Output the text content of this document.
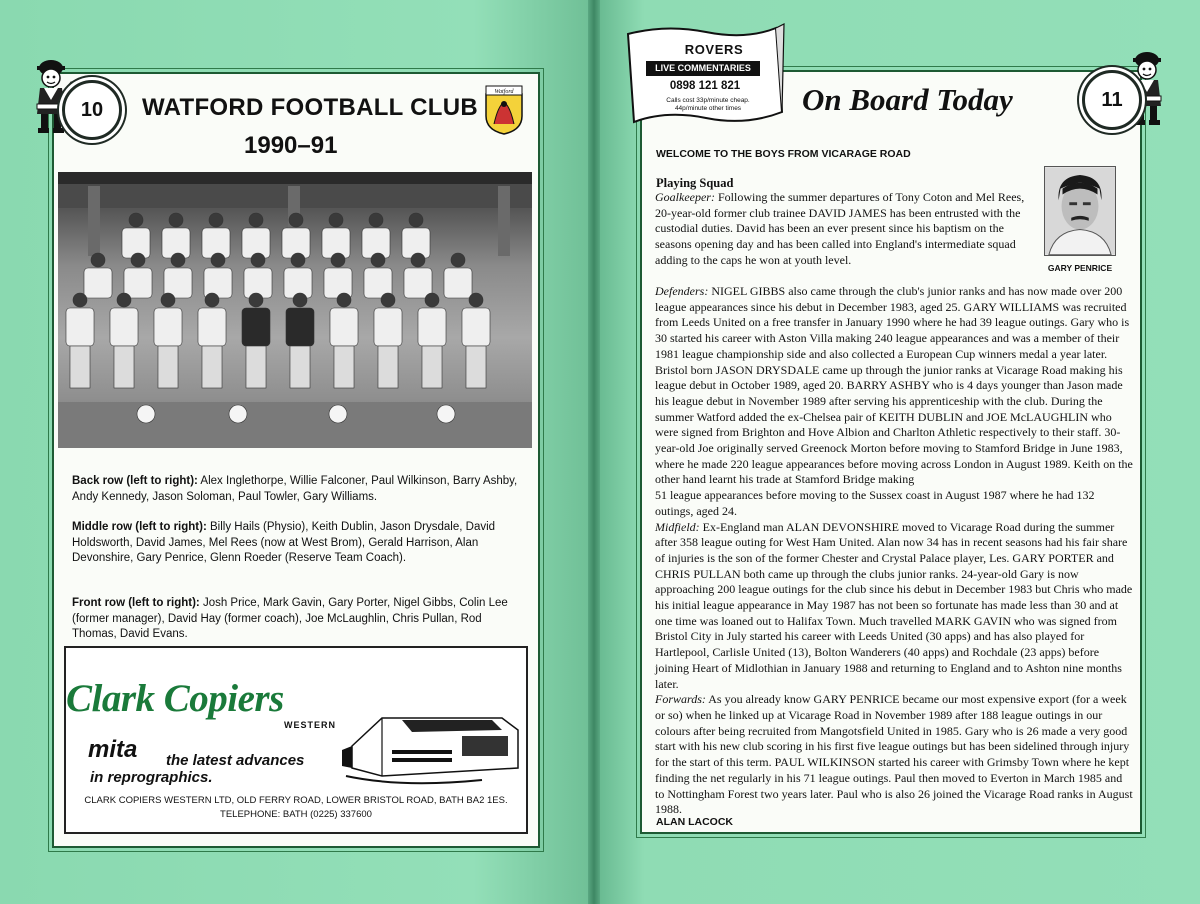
10	WATFORD FOOTBALL CLUB
1990–91
Watford
Back row (left to right): Alex Inglethorpe, Willie Falconer, Paul Wilkinson, Barry Ashby, Andy Kennedy, Jason Soloman, Paul Towler, Gary Williams.
Middle row (left to right): Billy Hails (Physio), Keith Dublin, Jason Drysdale, David Holdsworth, David James, Mel Rees (now at West Brom), Gerald Harrison, Alan Devonshire, Gary Penrice, Glenn Roeder (Reserve Team Coach).
Front row (left to right): Josh Price, Mark Gavin, Gary Porter, Nigel Gibbs, Colin Lee (former manager), David Hay (former coach), Joe McLaughlin, Chris Pullan, Rod Thomas, David Evans.
Clark Copiers
WESTERN
mita the latest advances
in reprographics.
CLARK COPIERS WESTERN LTD, OLD FERRY ROAD, LOWER BRISTOL ROAD, BATH BA2 1ES.
TELEPHONE: BATH (0225) 337600
ROVERS
LIVE COMMENTARIES
0898 121 821
Calls cost 33p/minute cheap.
44p/minute other times	On Board Today	11
WELCOME TO THE BOYS FROM VICARAGE ROAD
Playing Squad
Goalkeeper: Following the summer departures of Tony Coton and Mel Rees, 20-year-old former club trainee DAVID JAMES has been entrusted with the custodial duties. David has been an ever present since his baptism on the seasons opening day and has been called into England's intermediate squad adding to the caps he won at youth level.
GARY PENRICE

Defenders: NIGEL GIBBS also came through the club's junior ranks and has now made over 200 league appearances since his debut in December 1983, aged 25. GARY WILLIAMS was recruited from Leeds United on a free transfer in January 1990 where he had 39 league outings. Gary who is 30 started his career with Aston Villa making 240 league appearances and was a member of their 1981 league championship side and also collected a European Cup winners medal a year later. Bristol born JASON DRYSDALE came up through the junior ranks at Vicarage Road making his league debut in October 1989, aged 20. BARRY ASHBY who is 4 days younger than Jason made his league debut in November 1989 after serving his apprenticeship with the club. During the summer Watford added the ex-Chelsea pair of KEITH DUBLIN and JOE McLAUGHLIN who were signed from Brighton and Hove Albion and Charlton Athletic respectively to their staff. 30-year-old Joe originally served Greenock Morton before moving to Stamford Bridge in June 1983, where he made 220 league appearances before moving across London in August 1989. Keith on the other hand learnt his trade at Stamford Bridge making

51 league appearances before moving to the Sussex coast in August 1987 where he had 132 outings, aged 24.

Midfield: Ex-England man ALAN DEVONSHIRE moved to Vicarage Road during the summer after 358 league outing for West Ham United. Alan now 34 has in recent seasons had his fair share of injuries is the son of the former Chester and Crystal Palace player, Les. GARY PORTER and CHRIS PULLAN both came up through the clubs junior ranks. 24-year-old Gary is now approaching 200 league outings for the club since his debut in December 1983 but Chris who made his initial league appearance in May 1987 has not been so fortunate has made less than 30 and at one time was loaned out to Halifax Town. Much travelled MARK GAVIN who was signed from Bristol City in July started his career with Leeds United (30 apps) and has also played for Hartlepool, Carlisle United (13), Bolton Wanderers (40 apps) and Rochdale (23 apps) before joining Heart of Midlothian in January 1988 and returning to England and to Ashton nine months later.

Forwards: As you already know GARY PENRICE became our most expensive export (for a week or so) when he linked up at Vicarage Road in November 1989 after 188 league outings in our colours after being recruited from Mangotsfield United in 1985. Gary who is 26 made a very good start with his new club scoring in his first five league outings but has been sidelined through injury for the start of this term. PAUL WILKINSON started his career with Grimsby Town where he kept finding the net regularly in his 71 league outings. Paul then moved to Everton in March 1985 and to Nottingham Forest two years later. Paul who is also 26 joined the Vicarage Road ranks in August 1988.

ALAN LACOCK
